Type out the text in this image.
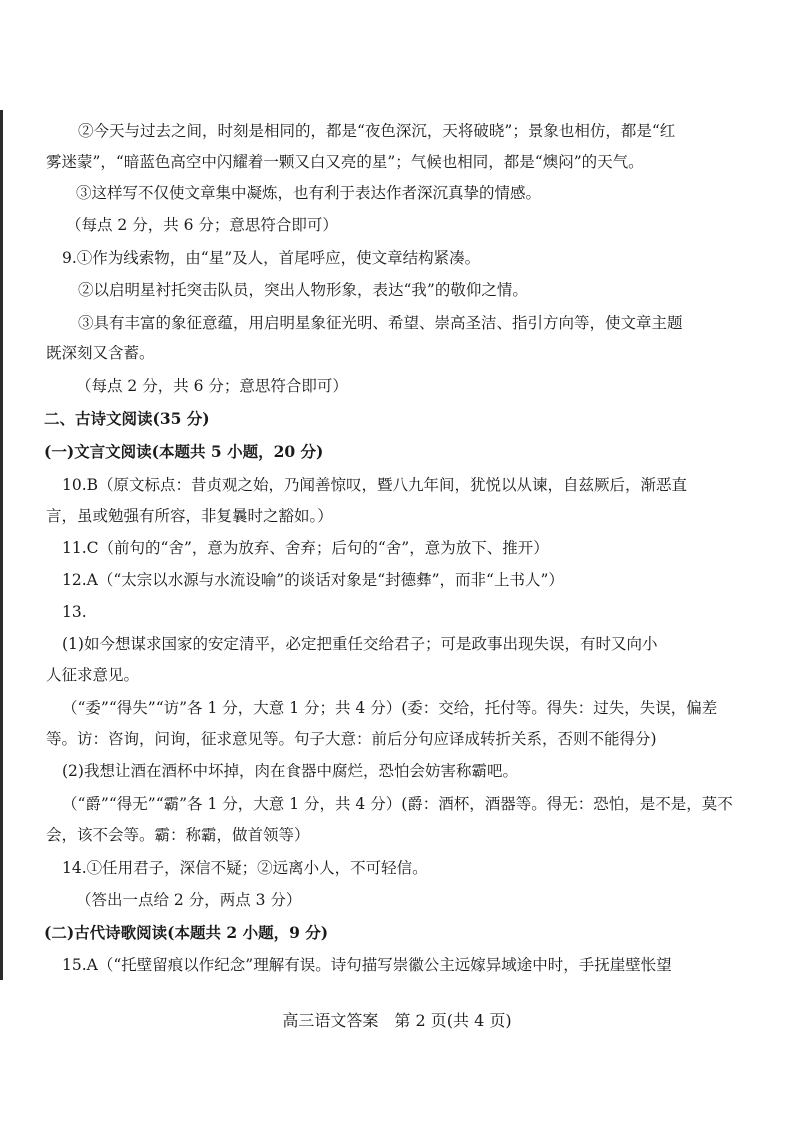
②今天与过去之间，时刻是相同的，都是“夜色深沉，天将破晓”；景象也相仿，都是“红
雾迷蒙”，“暗蓝色高空中闪耀着一颗又白又亮的星”；气候也相同，都是“燠闷”的天气。
③这样写不仅使文章集中凝炼，也有利于表达作者深沉真挚的情感。
（每点 2 分，共 6 分；意思符合即可）
9.①作为线索物，由“星”及人，首尾呼应，使文章结构紧凑。
②以启明星衬托突击队员，突出人物形象，表达“我”的敬仰之情。
③具有丰富的象征意蕴，用启明星象征光明、希望、崇高圣洁、指引方向等，使文章主题
既深刻又含蓄。
（每点 2 分，共 6 分；意思符合即可）
二、古诗文阅读(35 分)
(一)文言文阅读(本题共 5 小题，20 分)
10.B（原文标点：昔贞观之始，乃闻善惊叹，暨八九年间，犹悦以从谏，自兹厥后，渐恶直
言，虽或勉强有所容，非复曩时之豁如。）
11.C（前句的“舍”，意为放弃、舍弃；后句的“舍”，意为放下、推开）
12.A（“太宗以水源与水流设喻”的谈话对象是“封德彝”，而非“上书人”）
13.
(1)如今想谋求国家的安定清平，必定把重任交给君子；可是政事出现失误，有时又向小
人征求意见。
（“委”“得失”“访”各 1 分，大意 1 分；共 4 分）(委：交给，托付等。得失：过失，失误，偏差
等。访：咨询，问询，征求意见等。句子大意：前后分句应译成转折关系，否则不能得分)
(2)我想让酒在酒杯中坏掉，肉在食器中腐烂，恐怕会妨害称霸吧。
（“爵”“得无”“霸”各 1 分，大意 1 分，共 4 分）(爵：酒杯，酒器等。得无：恐怕，是不是，莫不
会，该不会等。霸：称霸，做首领等）
14.①任用君子，深信不疑；②远离小人，不可轻信。
（答出一点给 2 分，两点 3 分）
(二)古代诗歌阅读(本题共 2 小题，9 分)
15.A（“托壁留痕以作纪念”理解有误。诗句描写崇徽公主远嫁异域途中时，手抚崖壁怅望
高三语文答案　第 2 页(共 4 页)
